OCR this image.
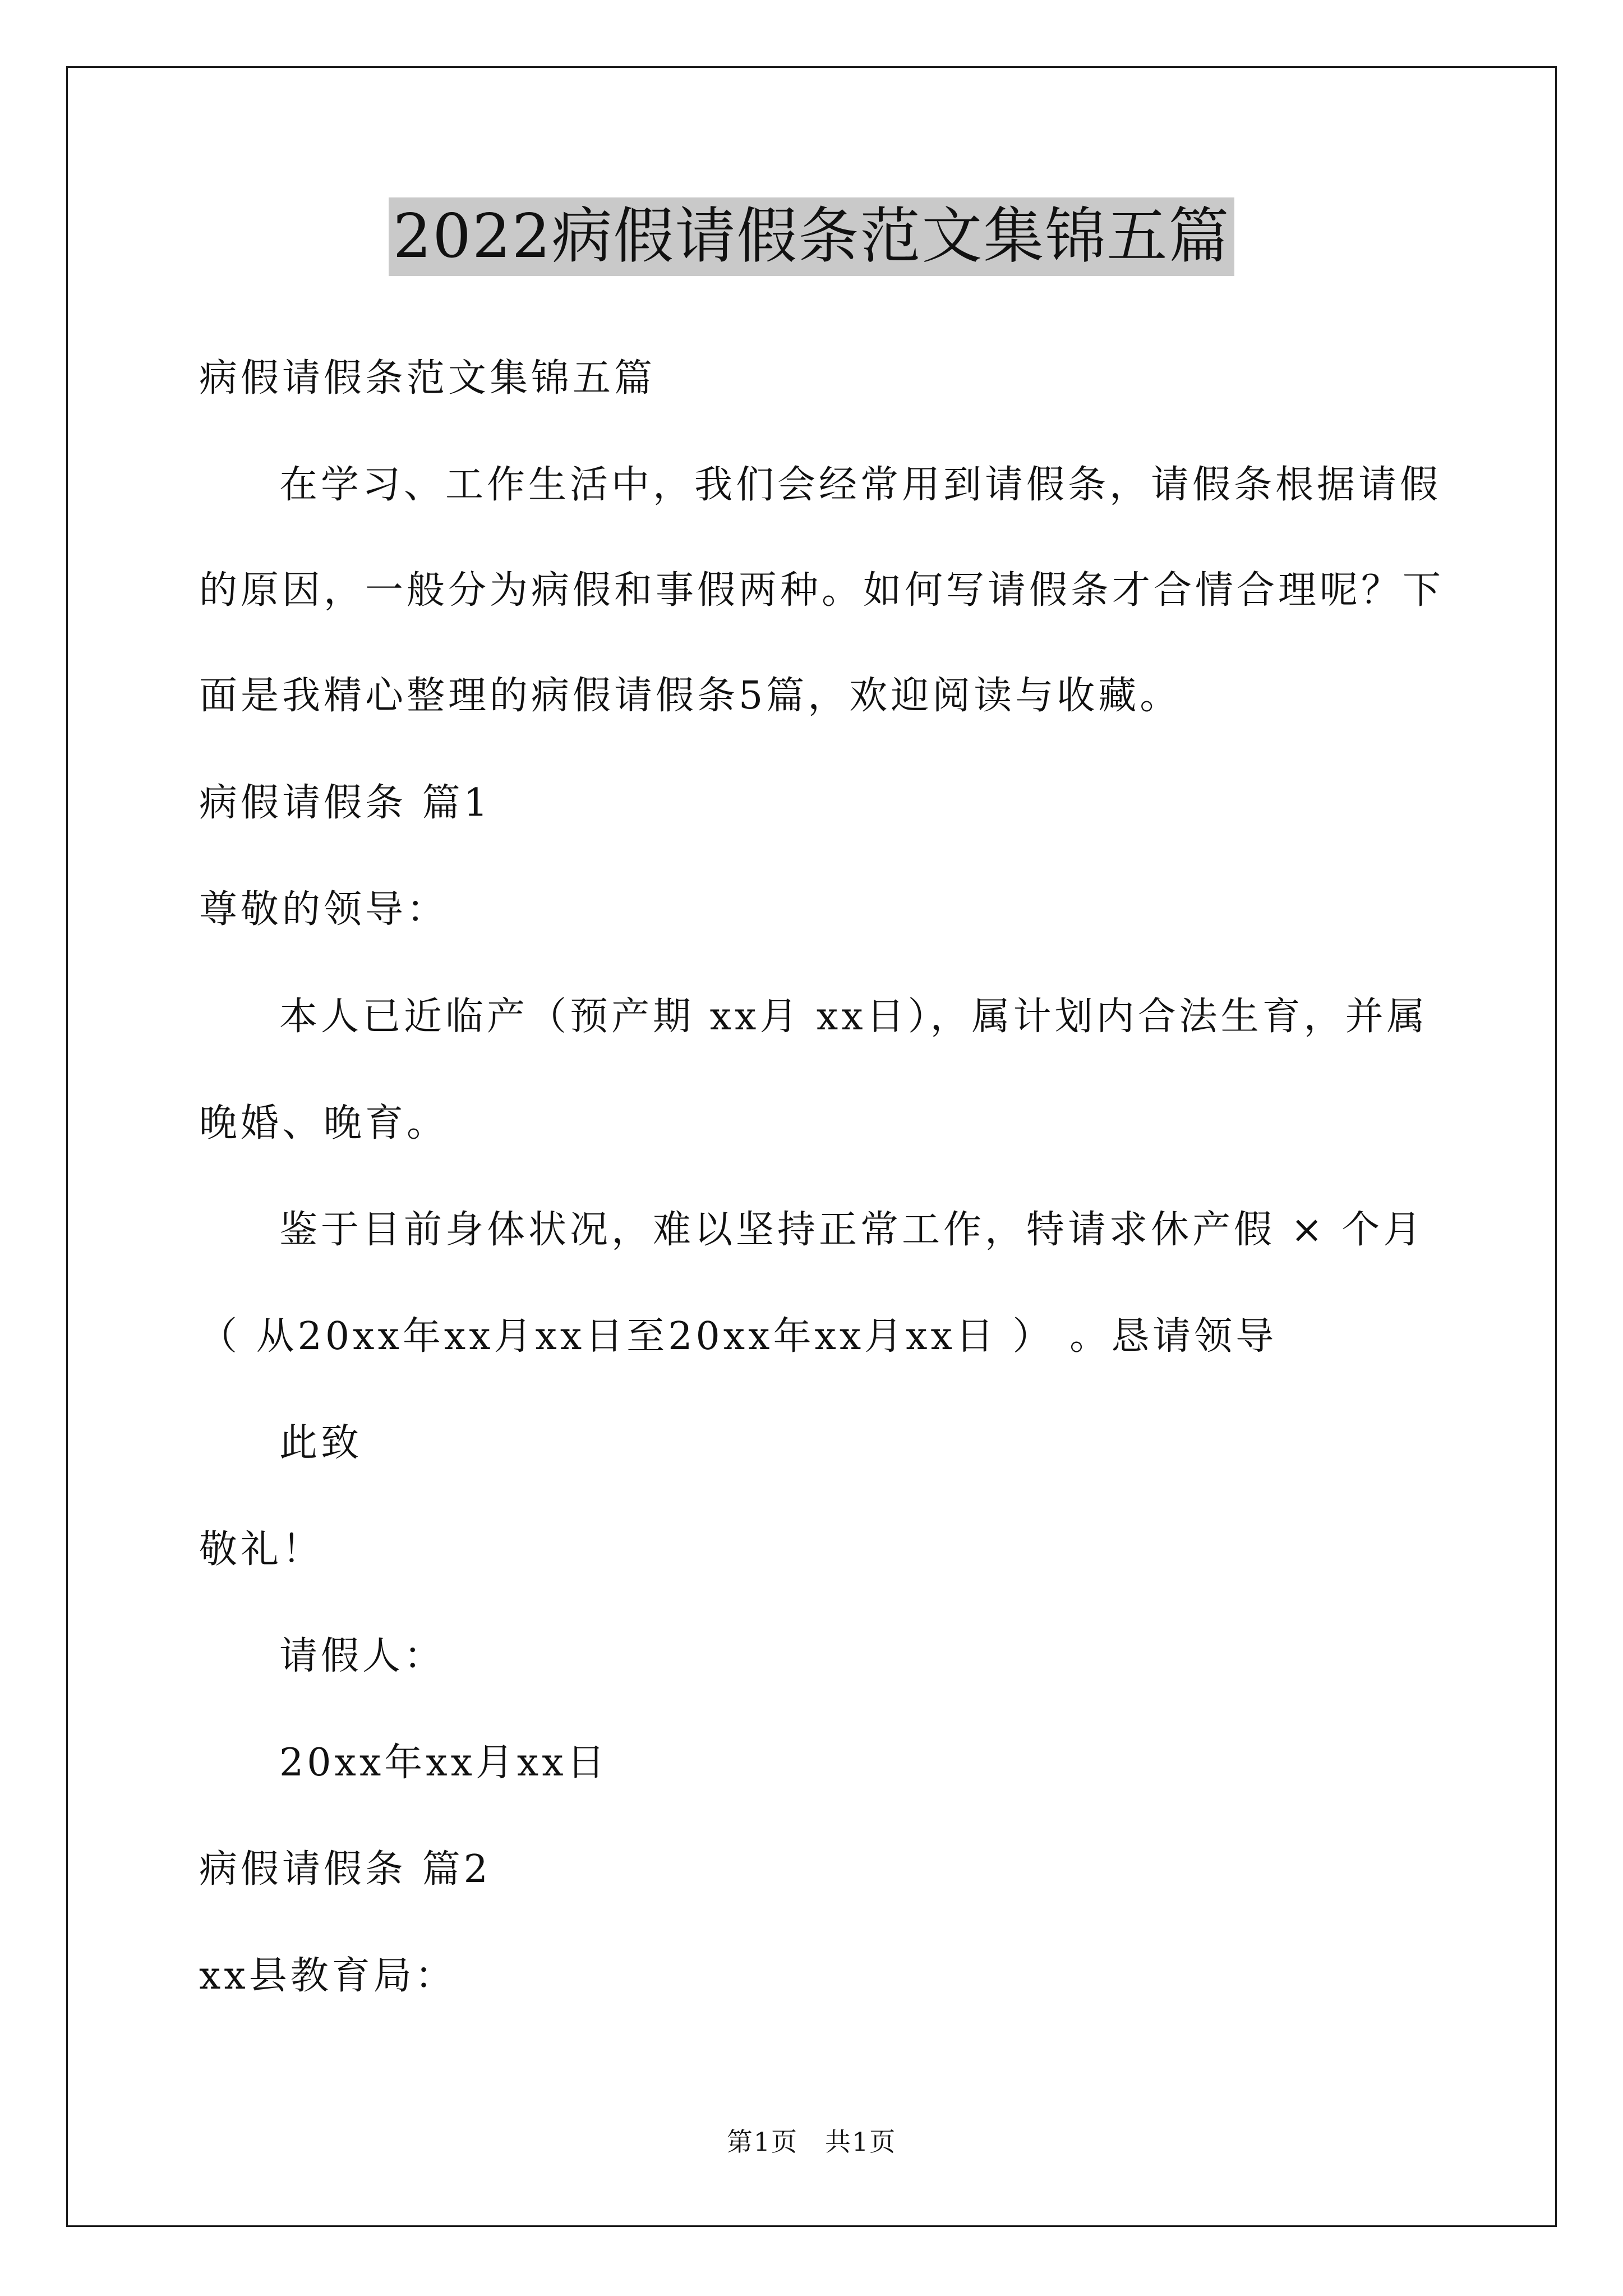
2022病假请假条范文集锦五篇
病假请假条范文集锦五篇
在学习、工作生活中，我们会经常用到请假条，请假条根据请假
的原因，一般分为病假和事假两种。如何写请假条才合情合理呢？下
面是我精心整理的病假请假条5篇，欢迎阅读与收藏。
病假请假条 篇1
尊敬的领导：
本人已近临产（预产期 xx月 xx日），属计划内合法生育，并属
晚婚、晚育。
鉴于目前身体状况，难以坚持正常工作，特请求休产假 × 个月
（ 从20xx年xx月xx日至20xx年xx月xx日 ） 。恳请领导
此致
敬礼！
请假人：
20xx年xx月xx日
病假请假条 篇2
xx县教育局：
第1页　共1页
